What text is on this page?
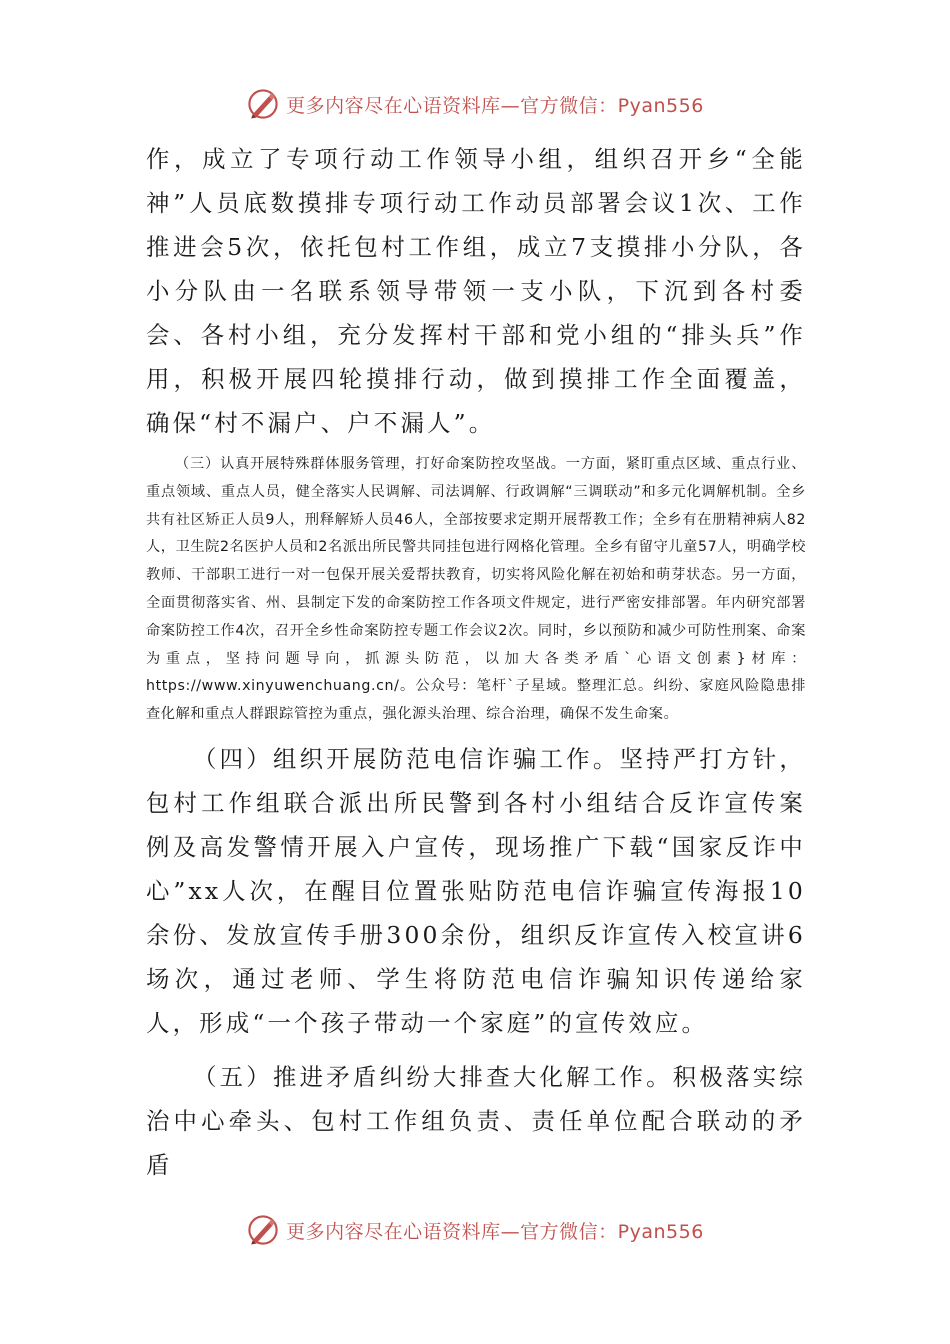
更多内容尽在心语资料库—官方微信：Pyan556

作，成立了专项行动工作领导小组，组织召开乡“全能神”人员底数摸排专项行动工作动员部署会议1次、工作推进会5次，依托包村工作组，成立7支摸排小分队，各小分队由一名联系领导带领一支小队，下沉到各村委会、各村小组，充分发挥村干部和党小组的“排头兵”作用，积极开展四轮摸排行动，做到摸排工作全面覆盖，确保“村不漏户、户不漏人”。

（三）认真开展特殊群体服务管理，打好命案防控攻坚战。一方面，紧盯重点区域、重点行业、重点领域、重点人员，健全落实人民调解、司法调解、行政调解“三调联动”和多元化调解机制。全乡共有社区矫正人员9人，刑释解矫人员46人，全部按要求定期开展帮教工作；全乡有在册精神病人82人，卫生院2名医护人员和2名派出所民警共同挂包进行网格化管理。全乡有留守儿童57人，明确学校教师、干部职工进行一对一包保开展关爱帮扶教育，切实将风险化解在初始和萌芽状态。另一方面，全面贯彻落实省、州、县制定下发的命案防控工作各项文件规定，进行严密安排部署。年内研究部署命案防控工作4次，召开全乡性命案防控专题工作会议2次。同时，乡以预防和减少可防性刑案、命案为重点，坚持问题导向，抓源头防范，以加大各类矛盾`心语文创素}材库：https://www.xinyuwenchuang.cn/。公众号：笔杆`子星域。整理汇总。纠纷、家庭风险隐患排查化解和重点人群跟踪管控为重点，强化源头治理、综合治理，确保不发生命案。

（四）组织开展防范电信诈骗工作。坚持严打方针，包村工作组联合派出所民警到各村小组结合反诈宣传案例及高发警情开展入户宣传，现场推广下载“国家反诈中心”xx人次，在醒目位置张贴防范电信诈骗宣传海报10余份、发放宣传手册300余份，组织反诈宣传入校宣讲6场次，通过老师、学生将防范电信诈骗知识传递给家人，形成“一个孩子带动一个家庭”的宣传效应。

（五）推进矛盾纠纷大排查大化解工作。积极落实综治中心牵头、包村工作组负责、责任单位配合联动的矛盾

更多内容尽在心语资料库—官方微信：Pyan556
